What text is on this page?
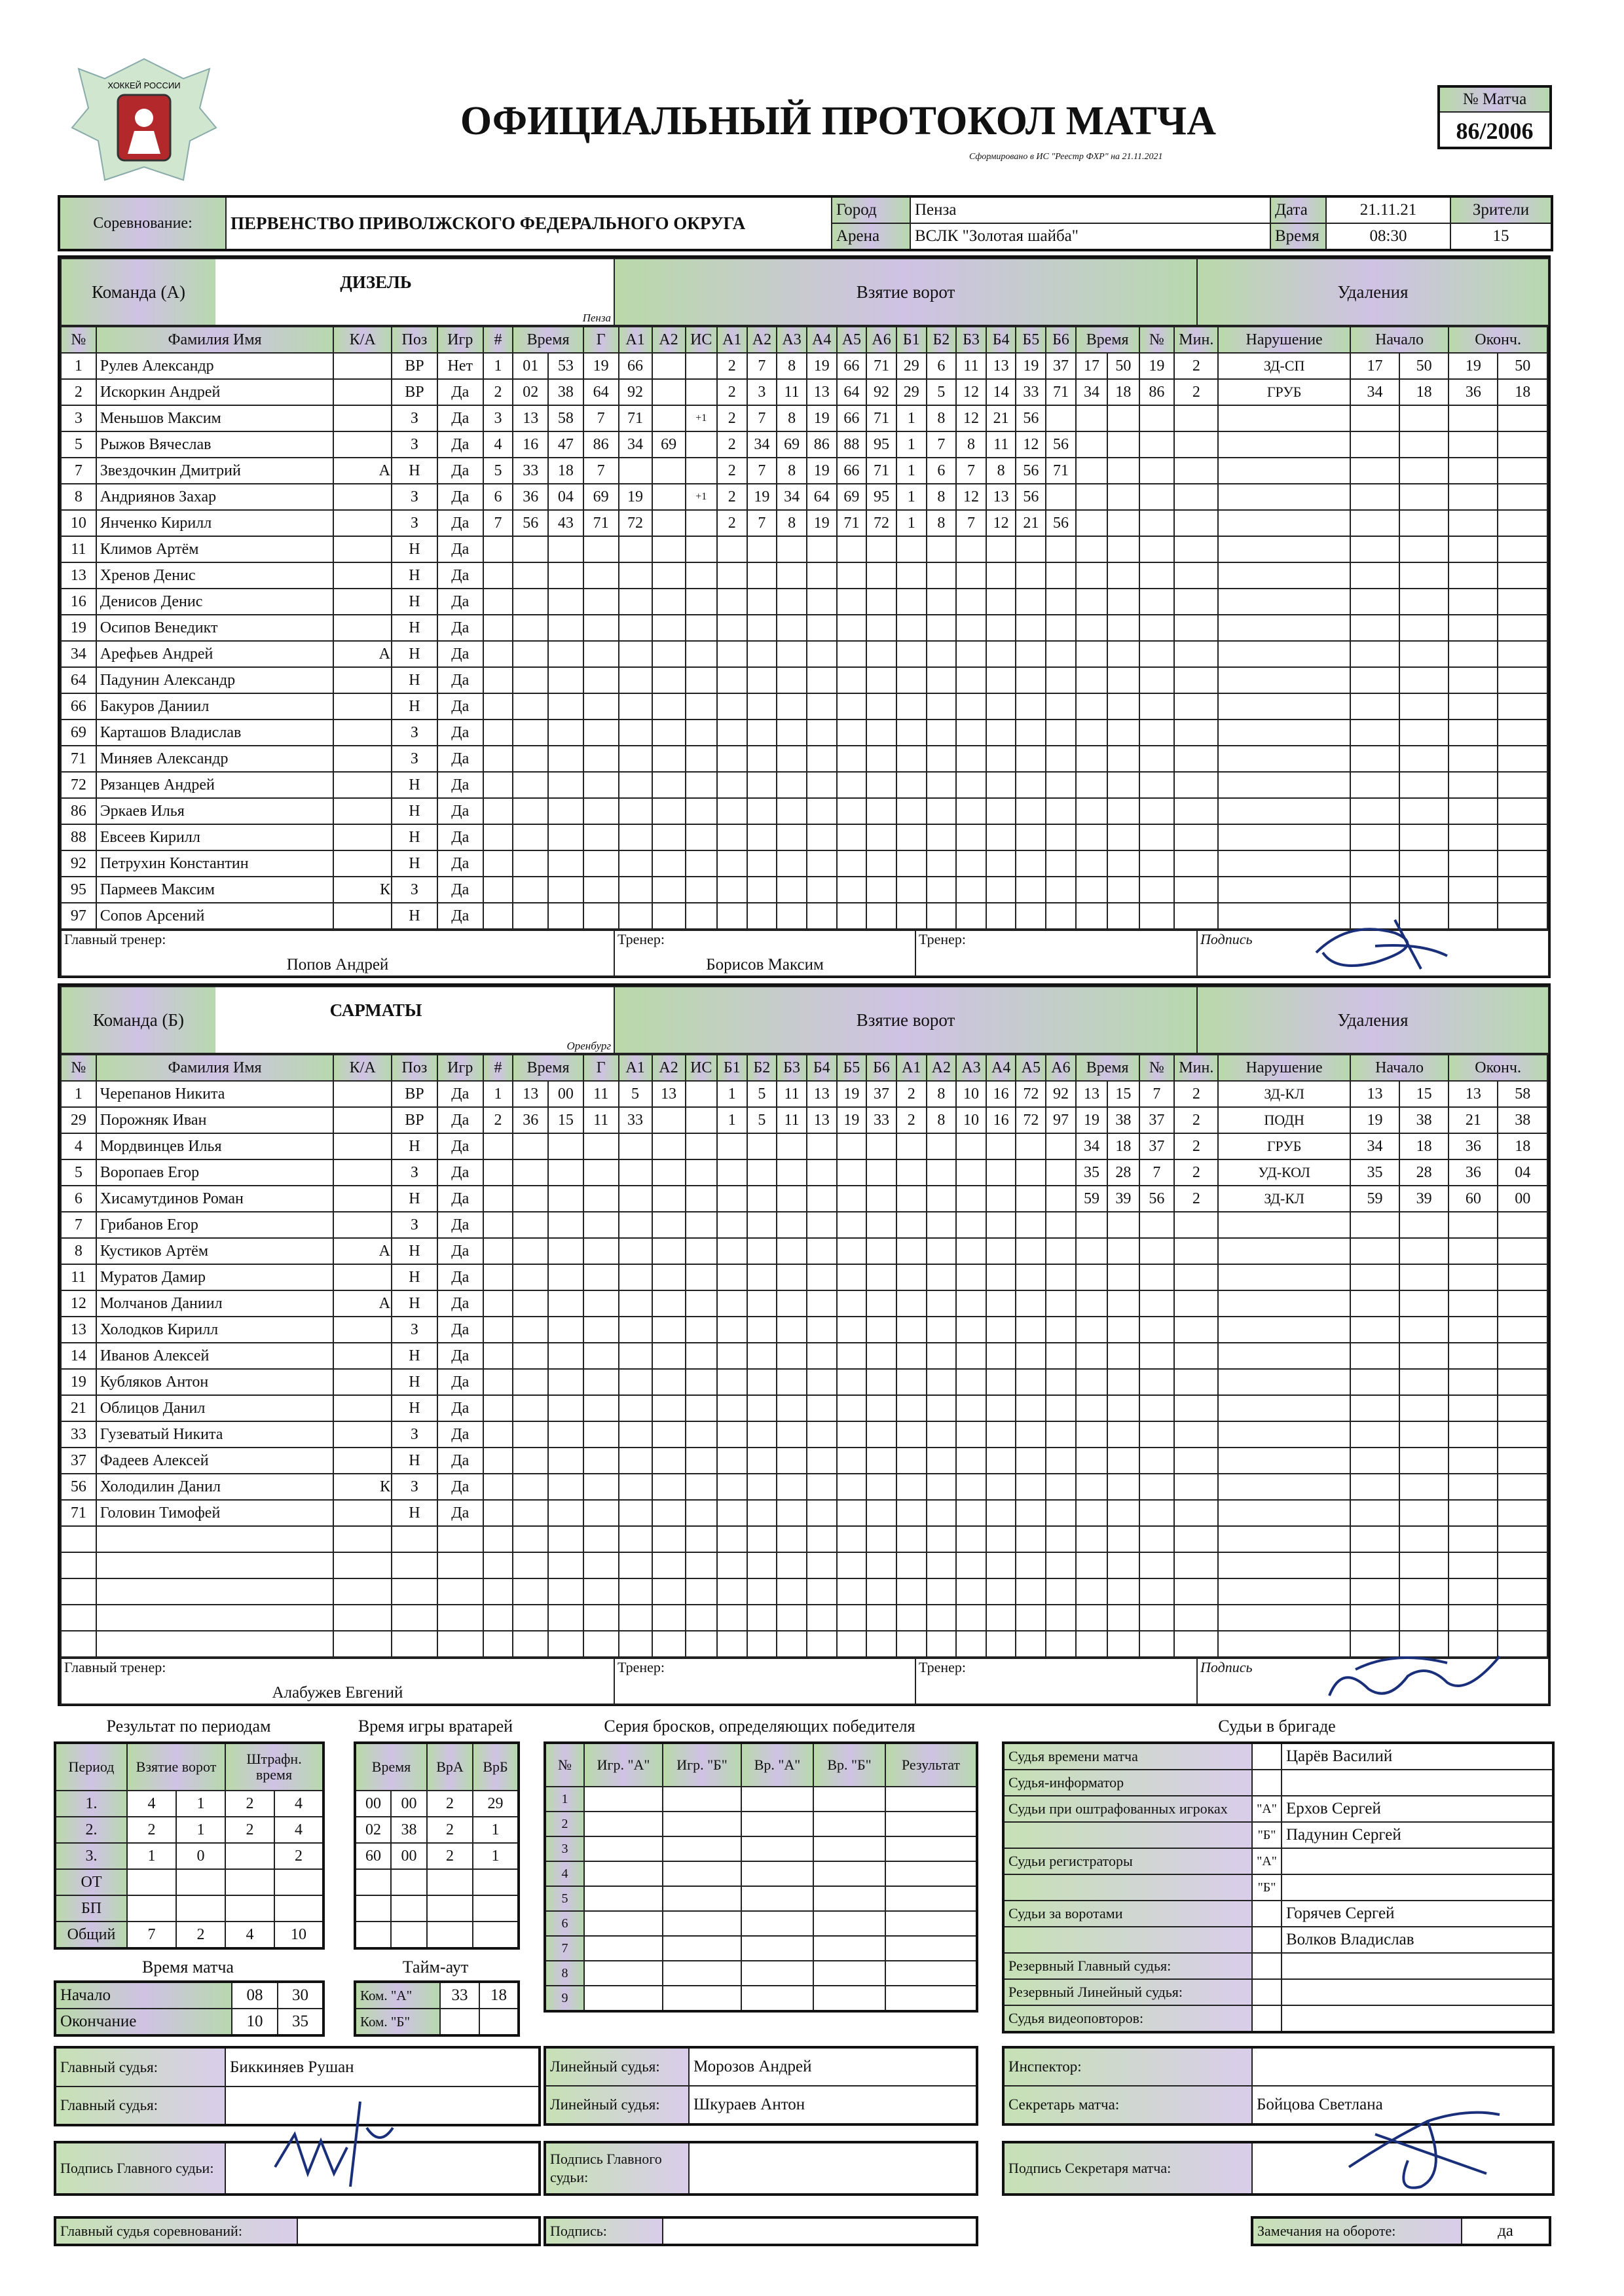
ХОККЕЙ РОССИИ
ОФИЦИАЛЬНЫЙ ПРОТОКОЛ МАТЧА
Сформировано в ИС "Реестр ФХР" на 21.11.2021
№ Матча
86/2006
Соревнование:	ПЕРВЕНСТВО ПРИВОЛЖСКОГО ФЕДЕРАЛЬНОГО ОКРУГА	Город	Пенза	Дата	21.11.21	Зрители
		Арена	ВСЛК "Золотая шайба"	Время	08:30	15
Команда (А)	ДИЗЕЛЬ
Пенза
	Взятие ворот	Удаления
№	Фамилия Имя	К/А	Поз	Игр	#	Время		Г	А1	А2	ИС	А1	А2	А3	А4	А5	А6	Б1	Б2	Б3	Б4	Б5	Б6	Время		№	Мин.	Нарушение	Начало		Оконч.	
1	Рулев Александр		ВР	Нет	1	01	53	19	66			2	7	8	19	66	71	29	6	11	13	19	37	17	50	19	2	ЗД-СП	17	50	19	50
2	Искоркин Андрей		ВР	Да	2	02	38	64	92			2	3	11	13	64	92	29	5	12	14	33	71	34	18	86	2	ГРУБ	34	18	36	18
3	Меньшов Максим		З	Да	3	13	58	7	71		+1	2	7	8	19	66	71	1	8	12	21	56										
5	Рыжов Вячеслав		З	Да	4	16	47	86	34	69		2	34	69	86	88	95	1	7	8	11	12	56									
7	Звездочкин Дмитрий	А	Н	Да	5	33	18	7				2	7	8	19	66	71	1	6	7	8	56	71									
8	Андриянов Захар		З	Да	6	36	04	69	19		+1	2	19	34	64	69	95	1	8	12	13	56										
10	Янченко Кирилл		З	Да	7	56	43	71	72			2	7	8	19	71	72	1	8	7	12	21	56									
11	Климов Артём		Н	Да																												
13	Хренов Денис		Н	Да																												
16	Денисов Денис		Н	Да																												
19	Осипов Венедикт		Н	Да																												
34	Арефьев Андрей	А	Н	Да																												
64	Падунин Александр		Н	Да																												
66	Бакуров Даниил		Н	Да																												
69	Карташов Владислав		З	Да																												
71	Миняев Александр		З	Да																												
72	Рязанцев Андрей		Н	Да																												
86	Эркаев Илья		Н	Да																												
88	Евсеев Кирилл		Н	Да																												
92	Петрухин Константин		Н	Да																												
95	Пармеев Максим	К	З	Да																												
97	Сопов Арсений		Н	Да																												
Главный тренер:
Попов Андрей

Тренер:
Борисов Максим

Тренер:	Подпись
Команда (Б)	САРМАТЫ
Оренбург
	Взятие ворот	Удаления
№	Фамилия Имя	К/А	Поз	Игр	#	Время		Г	А1	А2	ИС	Б1	Б2	Б3	Б4	Б5	Б6	А1	А2	А3	А4	А5	А6	Время		№	Мин.	Нарушение	Начало		Оконч.	
1	Черепанов Никита		ВР	Да	1	13	00	11	5	13		1	5	11	13	19	37	2	8	10	16	72	92	13	15	7	2	ЗД-КЛ	13	15	13	58
29	Порожняк Иван		ВР	Да	2	36	15	11	33			1	5	11	13	19	33	2	8	10	16	72	97	19	38	37	2	ПОДН	19	38	21	38
4	Мордвинцев Илья		Н	Да																				34	18	37	2	ГРУБ	34	18	36	18
5	Воропаев Егор		З	Да																				35	28	7	2	УД-КОЛ	35	28	36	04
6	Хисамутдинов Роман		Н	Да																				59	39	56	2	ЗД-КЛ	59	39	60	00
7	Грибанов Егор		З	Да																												
8	Кустиков Артём	А	Н	Да																												
11	Муратов Дамир		Н	Да																												
12	Молчанов Даниил	А	Н	Да																												
13	Холодков Кирилл		З	Да																												
14	Иванов Алексей		Н	Да																												
19	Кубляков Антон		Н	Да																												
21	Облицов Данил		Н	Да																												
33	Гузеватый Никита		З	Да																												
37	Фадеев Алексей		Н	Да																												
56	Холодилин Данил	К	З	Да																												
71	Головин Тимофей		Н	Да																												

Главный тренер:
Алабужев Евгений

Тренер:	Тренер:	Подпись
Результат по периодам
Период	Взятие ворот		Штрафн. время	
1.	4	1	2	4
2.	2	1	2	4
3.	1	0		2
ОТ				
БП				
Общий	7	2	4	10
Время игры вратарей
Время		ВрА	ВрБ
00	00	2	29
02	38	2	1
60	00	2	1

Время матча
Начало	08	30
Окончание	10	35
Тайм-аут
Ком. "А"	33	18
Ком. "Б"		
Серия бросков, определяющих победителя
№	Игр. "А"	Игр. "Б"	Вр. "А"	Вр. "Б"	Результат
1					
2					
3					
4					
5					
6					
7					
8					
9					
Судьи в бригаде
Судья времени матча		Царёв Василий
Судья-информатор		
Судьи при оштрафованных игроках	"А"	Ерхов Сергей
	"Б"	Падунин Сергей
Судьи регистраторы	"А"	
	"Б"	
Судьи за воротами		Горячев Сергей
		Волков Владислав
Резервный Главный судья:		
Резервный Линейный судья:		
Судья видеоповторов:		
Главный судья:	Биккиняев Рушан
Главный судья:	
Линейный судья:	Морозов Андрей
Линейный судья:	Шкураев Антон
Инспектор:	
Секретарь матча:	Бойцова Светлана
Подпись Главного судьи:	
Подпись Главного судьи:	
Подпись Секретаря матча:	
Главный судья соревнований:		Подпись:		Замечания на обороте:	да
